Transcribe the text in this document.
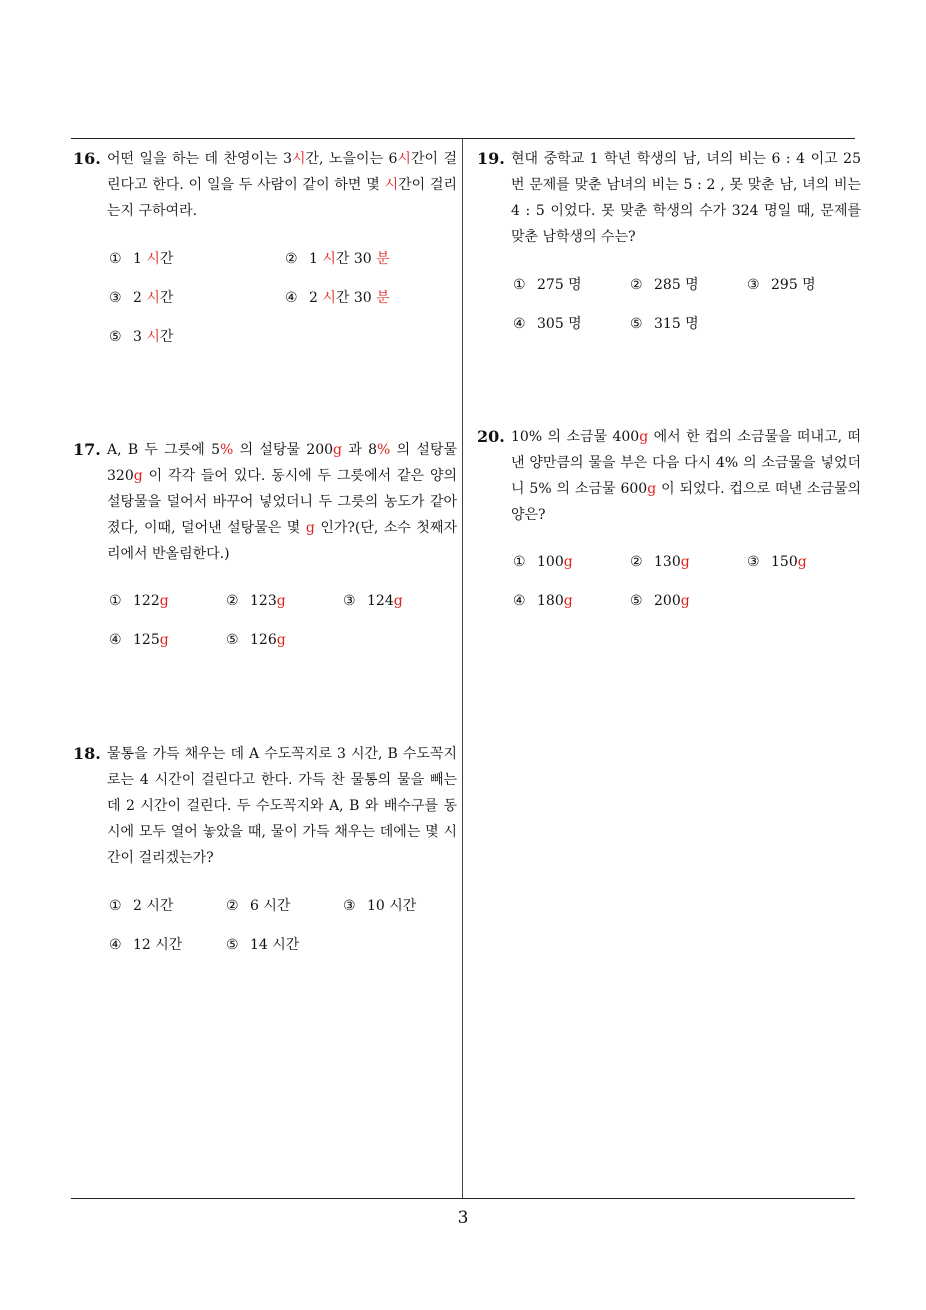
3
16. 어떤 일을 하는 데 찬영이는 3시간, 노을이는 6시간이 걸린다고 한다. 이 일을 두 사람이 같이 하면 몇 시간이 걸리는지 구하여라.
① 1 시간	② 1 시간 30 분
③ 2 시간	④ 2 시간 30 분
⑤ 3 시간
17. A, B 두 그릇에 5% 의 설탕물 200g 과 8% 의 설탕물 320g 이 각각 들어 있다. 동시에 두 그릇에서 같은 양의 설탕물을 덜어서 바꾸어 넣었더니 두 그릇의 농도가 같아졌다, 이때, 덜어낸 설탕물은 몇 g 인가?(단, 소수 첫째자리에서 반올림한다.)
① 122g	② 123g	③ 124g
④ 125g	⑤ 126g
18. 물통을 가득 채우는 데 A 수도꼭지로 3 시간, B 수도꼭지로는 4 시간이 걸린다고 한다. 가득 찬 물통의 물을 빼는 데 2 시간이 걸린다. 두 수도꼭지와 A, B 와 배수구를 동시에 모두 열어 놓았을 때, 물이 가득 채우는 데에는 몇 시간이 걸리겠는가?
① 2 시간	② 6 시간	③ 10 시간
④ 12 시간	⑤ 14 시간
19. 현대 중학교 1 학년 학생의 남, 녀의 비는 6 : 4 이고 25 번 문제를 맞춘 남녀의 비는 5 : 2 , 못 맞춘 남, 녀의 비는 4 : 5 이었다. 못 맞춘 학생의 수가 324 명일 때, 문제를 맞춘 남학생의 수는?
① 275 명	② 285 명	③ 295 명
④ 305 명	⑤ 315 명
20. 10% 의 소금물 400g 에서 한 컵의 소금물을 떠내고, 떠낸 양만큼의 물을 부은 다음 다시 4% 의 소금물을 넣었더니 5% 의 소금물 600g 이 되었다. 컵으로 떠낸 소금물의 양은?
① 100g	② 130g	③ 150g
④ 180g	⑤ 200g
